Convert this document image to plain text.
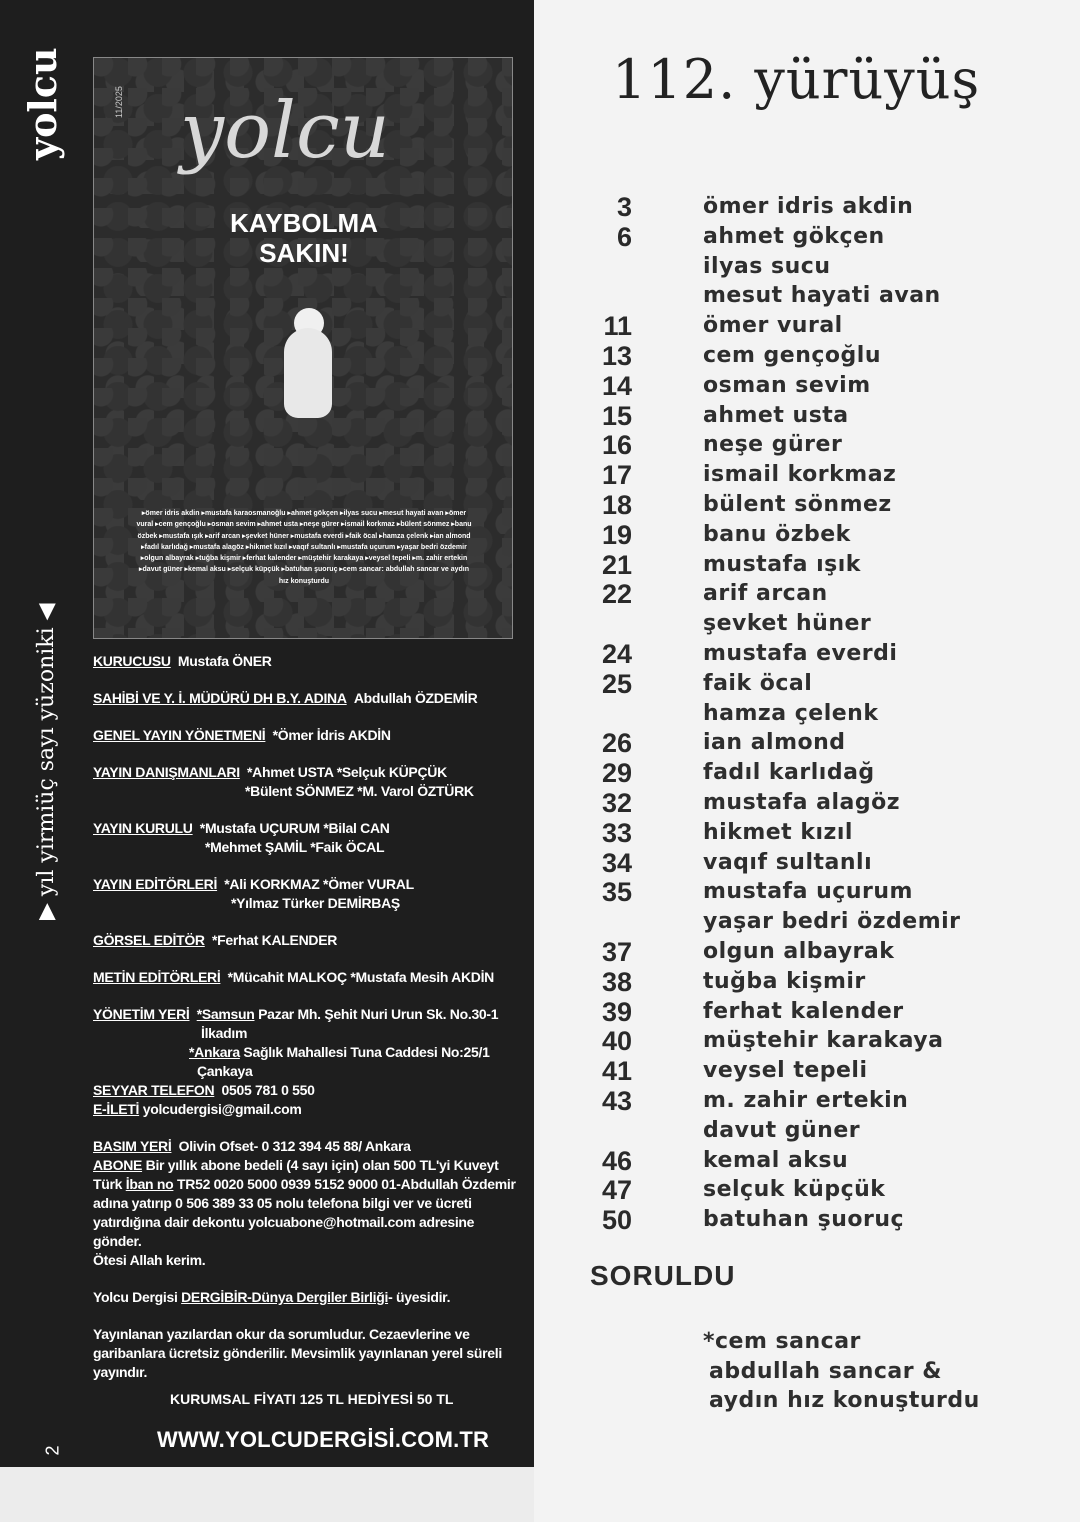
yolcu
▶ yıl yirmiüç sayı yüzoniki ◀
2
11/2025 yolcu
KAYBOLMA
SAKIN!
▸ömer idris akdin ▸mustafa karaosmanoğlu ▸ahmet gökçen ▸ilyas sucu ▸mesut hayati avan ▸ömer vural ▸cem gençoğlu ▸osman sevim ▸ahmet usta ▸neşe gürer ▸ismail korkmaz ▸bülent sönmez ▸banu özbek ▸mustafa ışık ▸arif arcan ▸şevket hüner ▸mustafa everdi ▸faik öcal ▸hamza çelenk ▸ian almond ▸fadıl karlıdağ ▸mustafa alagöz ▸hikmet kızıl ▸vaqıf sultanlı ▸mustafa uçurum ▸yaşar bedri özdemir ▸olgun albayrak ▸tuğba kişmir ▸ferhat kalender ▸müştehir karakaya ▸veysel tepeli ▸m. zahir ertekin ▸davut güner ▸kemal aksu ▸selçuk küpçük ▸batuhan şuoruç ▸cem sancar: abdullah sancar ve aydın hız konuşturdu
KURUCUSU Mustafa ÖNER
SAHİBİ VE Y. İ. MÜDÜRÜ DH B.Y. ADINA Abdullah ÖZDEMİR
GENEL YAYIN YÖNETMENİ *Ömer İdris AKDİN
YAYIN DANIŞMANLARI *Ahmet USTA *Selçuk KÜPÇÜK
*Bülent SÖNMEZ *M. Varol ÖZTÜRK
YAYIN KURULU *Mustafa UÇURUM *Bilal CAN
*Mehmet ŞAMİL *Faik ÖCAL
YAYIN EDİTÖRLERİ *Ali KORKMAZ *Ömer VURAL
*Yılmaz Türker DEMİRBAŞ
GÖRSEL EDİTÖR *Ferhat KALENDER
METİN EDİTÖRLERİ *Mücahit MALKOÇ *Mustafa Mesih AKDİN
YÖNETİM YERİ *Samsun Pazar Mh. Şehit Nuri Urun Sk. No.30-1
İlkadım
*Ankara Sağlık Mahallesi Tuna Caddesi No:25/1
Çankaya
SEYYAR TELEFON 0505 781 0 550
E-İLETİ yolcudergisi@gmail.com
BASIM YERİ Olivin Ofset- 0 312 394 45 88/ Ankara
ABONE Bir yıllık abone bedeli (4 sayı için) olan 500 TL'yi Kuveyt Türk İban no TR52 0020 5000 0939 5152 9000 01-Abdullah Özdemir adına yatırıp 0 506 389 33 05 nolu telefona bilgi ver ve ücreti yatırdığına dair dekontu yolcuabone@hotmail.com adresine gönder.
Ötesi Allah kerim.
Yolcu Dergisi DERGİBİR-Dünya Dergiler Birliği- üyesidir.
Yayınlanan yazılardan okur da sorumludur. Cezaevlerine ve garibanlara ücretsiz gönderilir. Mevsimlik yayınlanan yerel süreli yayındır.
KURUMSAL FİYATI 125 TL HEDİYESİ 50 TL
WWW.YOLCUDERGİSİ.COM.TR
112. yürüyüş
3	ömer idris akdin
6	ahmet gökçen
ilyas sucu
mesut hayati avan
11	ömer vural
13	cem gençoğlu
14	osman sevim
15	ahmet usta
16	neşe gürer
17	ismail korkmaz
18	bülent sönmez
19	banu özbek
21	mustafa ışık
22	arif arcan
şevket hüner
24	mustafa everdi
25	faik öcal
hamza çelenk
26	ian almond
29	fadıl karlıdağ
32	mustafa alagöz
33	hikmet kızıl
34	vaqıf sultanlı
35	mustafa uçurum
yaşar bedri özdemir
37	olgun albayrak
38	tuğba kişmir
39	ferhat kalender
40	müştehir karakaya
41	veysel tepeli
43	m. zahir ertekin
davut güner
46	kemal aksu
47	selçuk küpçük
50	batuhan şuoruç
SORULDU
*cem sancar
abdullah sancar &
aydın hız konuşturdu
